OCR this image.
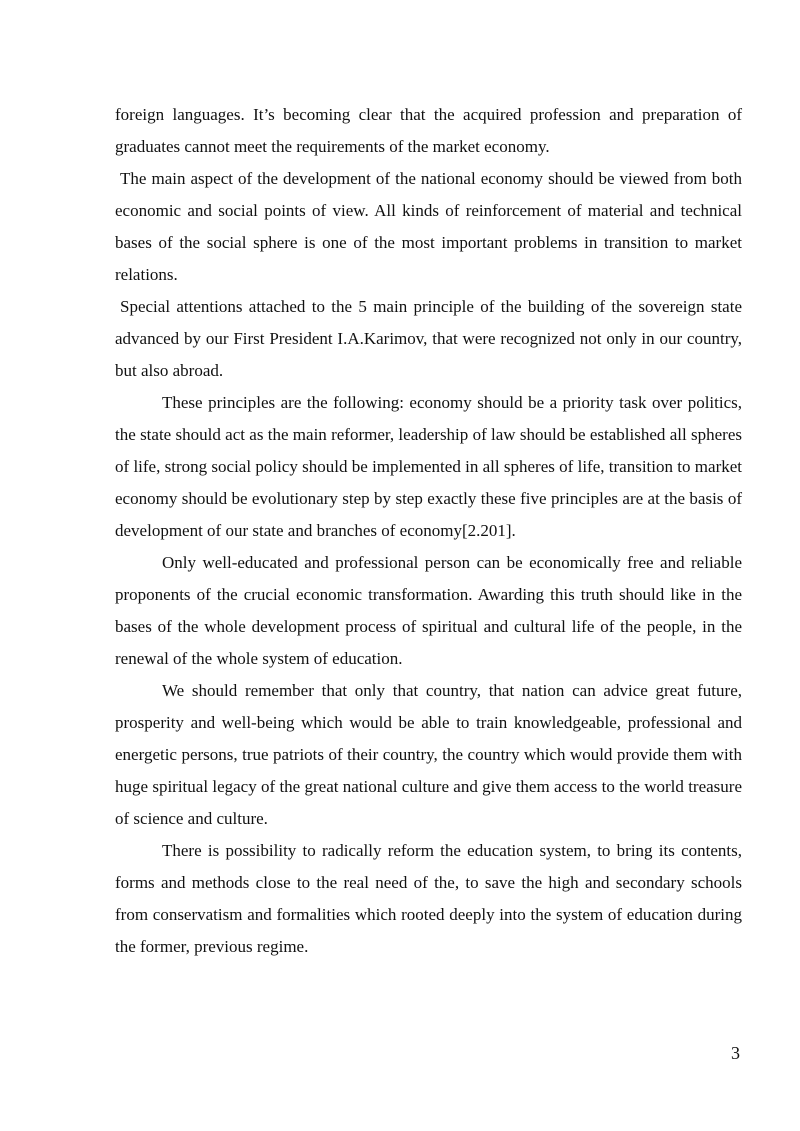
foreign languages. It’s becoming clear that the acquired profession and preparation of graduates cannot meet the requirements of the market economy.

The main aspect of the development of the national economy should be viewed from both economic and social points of view. All kinds of reinforcement of material and technical bases of the social sphere is one of the most important problems in transition to market relations.

Special attentions attached to the 5 main principle of the building of the sovereign state advanced by our First President I.A.Karimov, that were recognized not only in our country, but also abroad.

These principles are the following: economy should be a priority task over politics, the state should act as the main reformer, leadership of law should be established all spheres of life, strong social policy should be implemented in all spheres of life, transition to market economy should be evolutionary step by step exactly these five principles are at the basis of development of our state and branches of economy[2.201].

Only well-educated and professional person can be economically free and reliable proponents of the crucial economic transformation. Awarding this truth should like in the bases of the whole development process of spiritual and cultural life of the people, in the renewal of the whole system of education.

We should remember that only that country, that nation can advice great future, prosperity and well-being which would be able to train knowledgeable, professional and energetic persons, true patriots of their country, the country which would provide them with huge spiritual legacy of the great national culture and give them access to the world treasure of science and culture.

There is possibility to radically reform the education system, to bring its contents, forms and methods close to the real need of the, to save the high and secondary schools from conservatism and formalities which rooted deeply into the system of education during the former, previous regime.

3
